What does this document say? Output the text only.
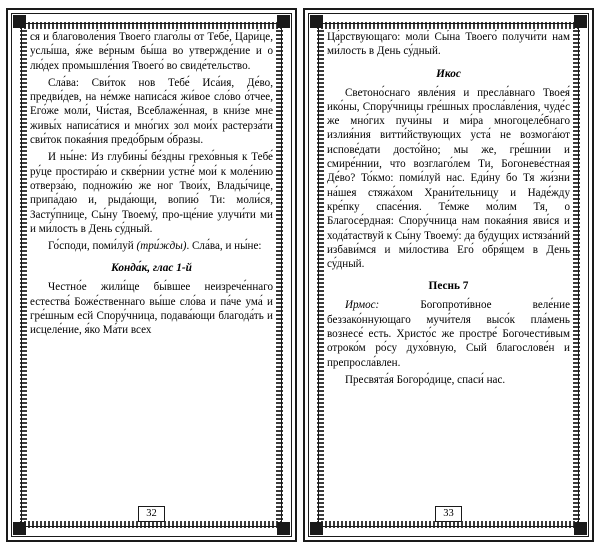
ся и благоволе́ния Твоего́ глаго́лы от Тебе́, Цари́це, услы́ша, я́же ве́рным бы́ша во утвержде́ние и о лю́дех промышле́ния Твоего́ во свиде́тельство.

Сла́ва: Сви́ток нов Тебе́ Иса́ия, Де́во, предви́дев, на не́мже написа́ся жи́вое сло́во о́тчее, Его́же моли́, Чи́стая, Всеблаже́нная, в кни́зе мне живы́х написа́тися и мно́гих зол мои́х растерза́ти сви́ток покая́ния предо́брым о́бразы.

И ны́не: Из глубины́ бе́здны грехо́вныя к Тебе́ ру́це простира́ю и скве́рнии устне́ мои́ к моле́нию отверза́ю, подножи́ю же ног Твои́х, Влады́чице, припа́даю и, рыда́ющи, вопию́ Ти: моли́ся, Засту́пнице, Сы́ну Твоему́, про-ще́ние улучи́ти ми и ми́лость в День су́дный.

Го́споди, поми́луй (три́жды). Сла́ва, и ны́не:

Конда́к, глас 1-й

Честно́е жили́ще бы́вшее неизрече́ннаго естества́ Боже́ственнаго вы́ше сло́ва и па́че ума́ и гре́шным есй Спору́чница, подава́ющи благода́ть и исцеле́ние, я́ко Ма́ти всех

32

Ца́рствующаго: моли́ Сы́на Твоего́ получи́ти нам ми́лость в День су́дный.

Икос

Светоно́снаго явле́ния и пресла́внаго Твоея́ ико́ны, Спору́чницы гре́шных просла́вле́ния, чуде́с же мно́гих пучи́ны и ми́ра многоцеле́бнаго излия́ния витти́йствующих уста́ не возмога́ют испове́дати досто́йно; мы же, гре́шнии и смире́ннии, что возглаго́лем Ти, Богоневе́стная Де́во? То́кмо: поми́луй нас. Еди́ну бо Тя жи́зни на́шея стяжа́хом Храни́тельницу и Наде́жду кре́пку спасе́ния. Те́мже мо́лим Тя, о Благосе́рдная: Спору́чница нам покая́ния яви́ся и хода́таствуй к Сы́ну Твоему́: да бу́дущих истяза́ний избави́мся и ми́лостива Его́ обря́щем в День су́дный.

Песнь 7

Ирмос: Богопроти́вное веле́ние беззако́ннующаго мучи́теля высо́к пла́мень вознесе́ есть. Христо́с же простре́ Богочести́вым отроко́м ро́су духо́вную, Сый благослове́н и препросла́влен.

Пресвята́я Богоро́дице, спаси́ нас.

33
